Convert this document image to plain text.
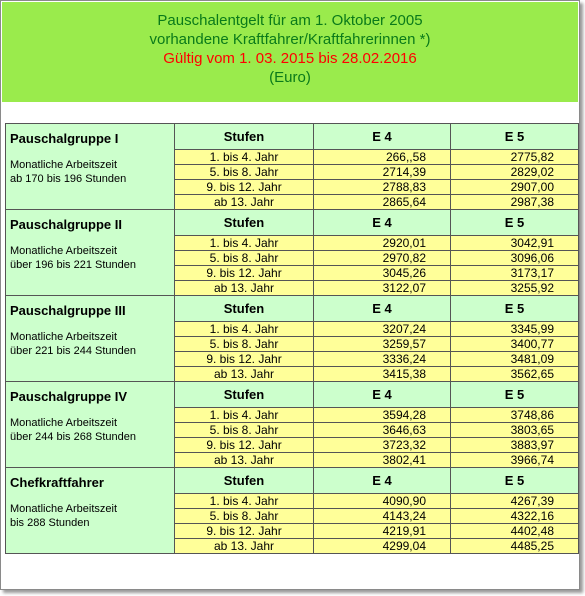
Pauschalentgelt für am 1. Oktober 2005
vorhandene Kraftfahrer/Kraftfahrerinnen *)
Gültig vom 1. 03. 2015 bis 28.02.2016
(Euro)
Pauschalgruppe I
Monatliche Arbeitszeit
ab 170 bis 196 Stunden	Stufen	E 4	E 5
	1. bis 4. Jahr	266,,58	2775,82
	5. bis 8. Jahr	2714,39	2829,02
	9. bis 12. Jahr	2788,83	2907,00
	ab 13. Jahr	2865,64	2987,38

Pauschalgruppe II
Monatliche Arbeitszeit
über 196 bis 221 Stunden	Stufen	E 4	E 5
	1. bis 4. Jahr	2920,01	3042,91
	5. bis 8. Jahr	2970,82	3096,06
	9. bis 12. Jahr	3045,26	3173,17
	ab 13. Jahr	3122,07	3255,92

Pauschalgruppe III
Monatliche Arbeitszeit
über 221 bis 244 Stunden	Stufen	E 4	E 5
	1. bis 4. Jahr	3207,24	3345,99
	5. bis 8. Jahr	3259,57	3400,77
	9. bis 12. Jahr	3336,24	3481,09
	ab 13. Jahr	3415,38	3562,65

Pauschalgruppe IV
Monatliche Arbeitszeit
über 244 bis 268 Stunden	Stufen	E 4	E 5
	1. bis 4. Jahr	3594,28	3748,86
	5. bis 8. Jahr	3646,63	3803,65
	9. bis 12. Jahr	3723,32	3883,97
	ab 13. Jahr	3802,41	3966,74

Chefkraftfahrer
Monatliche Arbeitszeit
bis 288 Stunden	Stufen	E 4	E 5
	1. bis 4. Jahr	4090,90	4267,39
	5. bis 8. Jahr	4143,24	4322,16
	9. bis 12. Jahr	4219,91	4402,48
	ab 13. Jahr	4299,04	4485,25
